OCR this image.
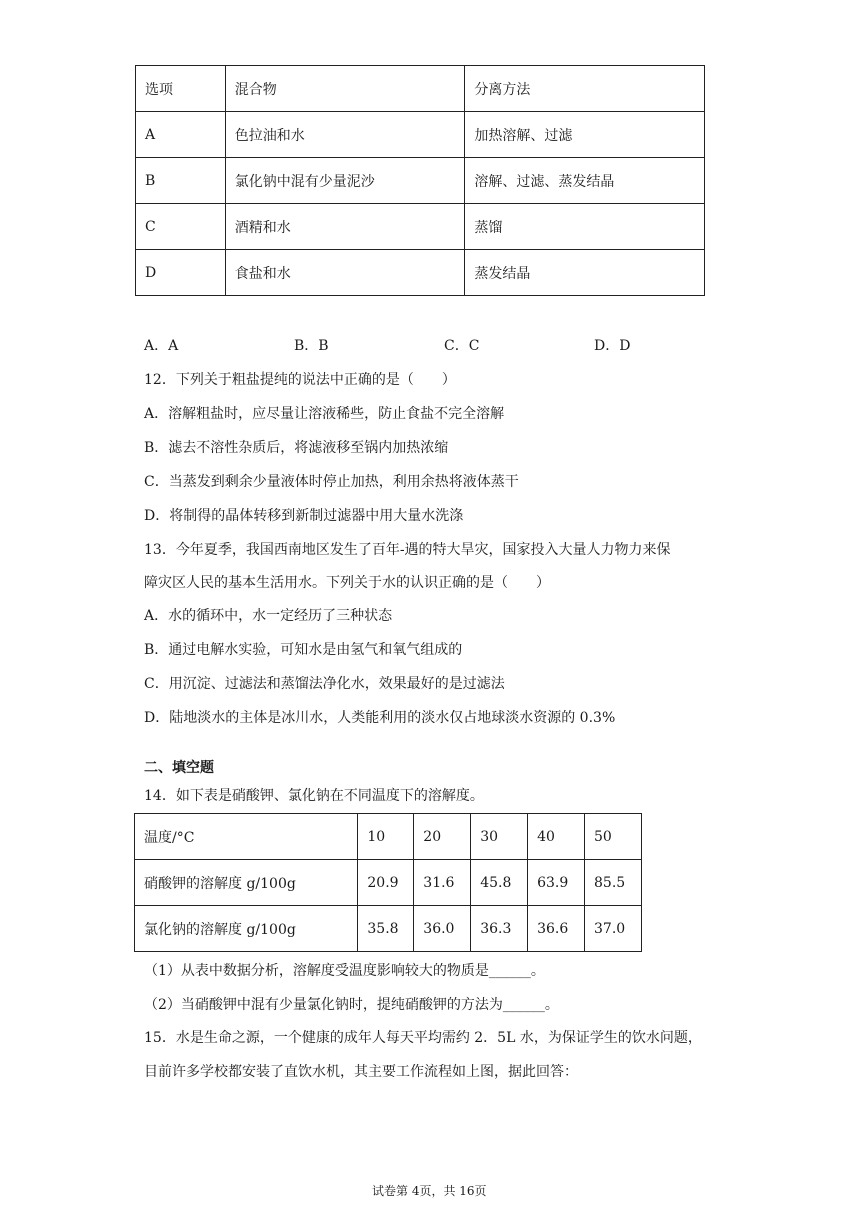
选项	混合物	分离方法
A	色拉油和水	加热溶解、过滤
B	氯化钠中混有少量泥沙	溶解、过滤、蒸发结晶
C	酒精和水	蒸馏
D	食盐和水	蒸发结晶
A．A	B．B	C．C	D．D
12．下列关于粗盐提纯的说法中正确的是（　　）
A．溶解粗盐时，应尽量让溶液稀些，防止食盐不完全溶解
B．滤去不溶性杂质后，将滤液移至锅内加热浓缩
C．当蒸发到剩余少量液体时停止加热，利用余热将液体蒸干
D．将制得的晶体转移到新制过滤器中用大量水洗涤
13．今年夏季，我国西南地区发生了百年-遇的特大旱灾，国家投入大量人力物力来保
障灾区人民的基本生活用水。下列关于水的认识正确的是（　　）
A．水的循环中，水一定经历了三种状态
B．通过电解水实验，可知水是由氢气和氧气组成的
C．用沉淀、过滤法和蒸馏法净化水，效果最好的是过滤法
D．陆地淡水的主体是冰川水，人类能利用的淡水仅占地球淡水资源的 0.3%
二、填空题
14．如下表是硝酸钾、氯化钠在不同温度下的溶解度。
温度/°C	10	20	30	40	50
硝酸钾的溶解度 g/100g	20.9	31.6	45.8	63.9	85.5
氯化钠的溶解度 g/100g	35.8	36.0	36.3	36.6	37.0
（1）从表中数据分析，溶解度受温度影响较大的物质是______。
（2）当硝酸钾中混有少量氯化钠时，提纯硝酸钾的方法为______。
15．水是生命之源，一个健康的成年人每天平均需约 2．5L 水，为保证学生的饮水问题，
目前许多学校都安装了直饮水机，其主要工作流程如上图，据此回答：
试卷第 4页，共 16页
